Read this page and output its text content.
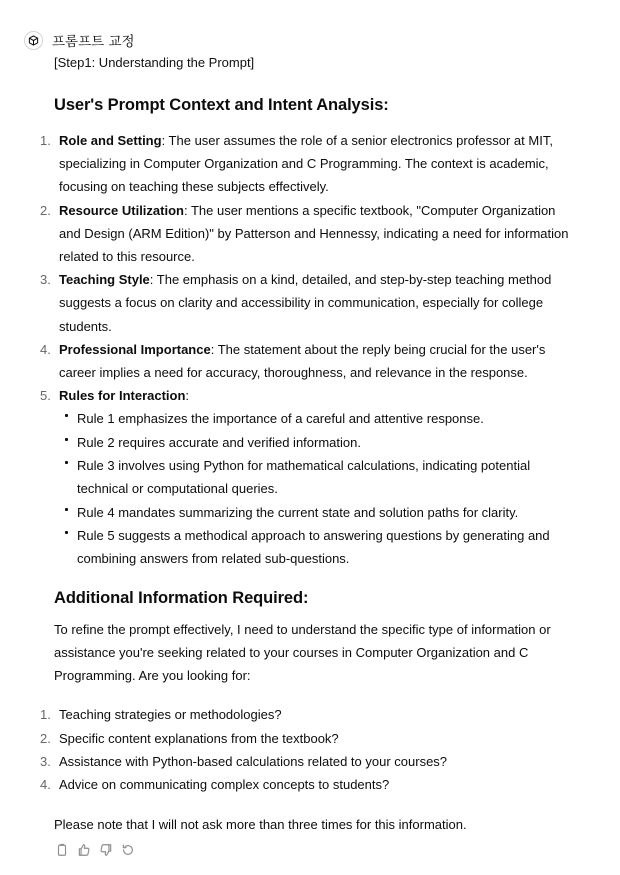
프롬프트 교정
[Step1: Understanding the Prompt]
User's Prompt Context and Intent Analysis:
1. Role and Setting: The user assumes the role of a senior electronics professor at MIT, specializing in Computer Organization and C Programming. The context is academic, focusing on teaching these subjects effectively.
2. Resource Utilization: The user mentions a specific textbook, "Computer Organization and Design (ARM Edition)" by Patterson and Hennessy, indicating a need for information related to this resource.
3. Teaching Style: The emphasis on a kind, detailed, and step-by-step teaching method suggests a focus on clarity and accessibility in communication, especially for college students.
4. Professional Importance: The statement about the reply being crucial for the user's career implies a need for accuracy, thoroughness, and relevance in the response.
5. Rules for Interaction:
Rule 1 emphasizes the importance of a careful and attentive response.
Rule 2 requires accurate and verified information.
Rule 3 involves using Python for mathematical calculations, indicating potential technical or computational queries.
Rule 4 mandates summarizing the current state and solution paths for clarity.
Rule 5 suggests a methodical approach to answering questions by generating and combining answers from related sub-questions.
Additional Information Required:
To refine the prompt effectively, I need to understand the specific type of information or assistance you're seeking related to your courses in Computer Organization and C Programming. Are you looking for:
1. Teaching strategies or methodologies?
2. Specific content explanations from the textbook?
3. Assistance with Python-based calculations related to your courses?
4. Advice on communicating complex concepts to students?
Please note that I will not ask more than three times for this information.
